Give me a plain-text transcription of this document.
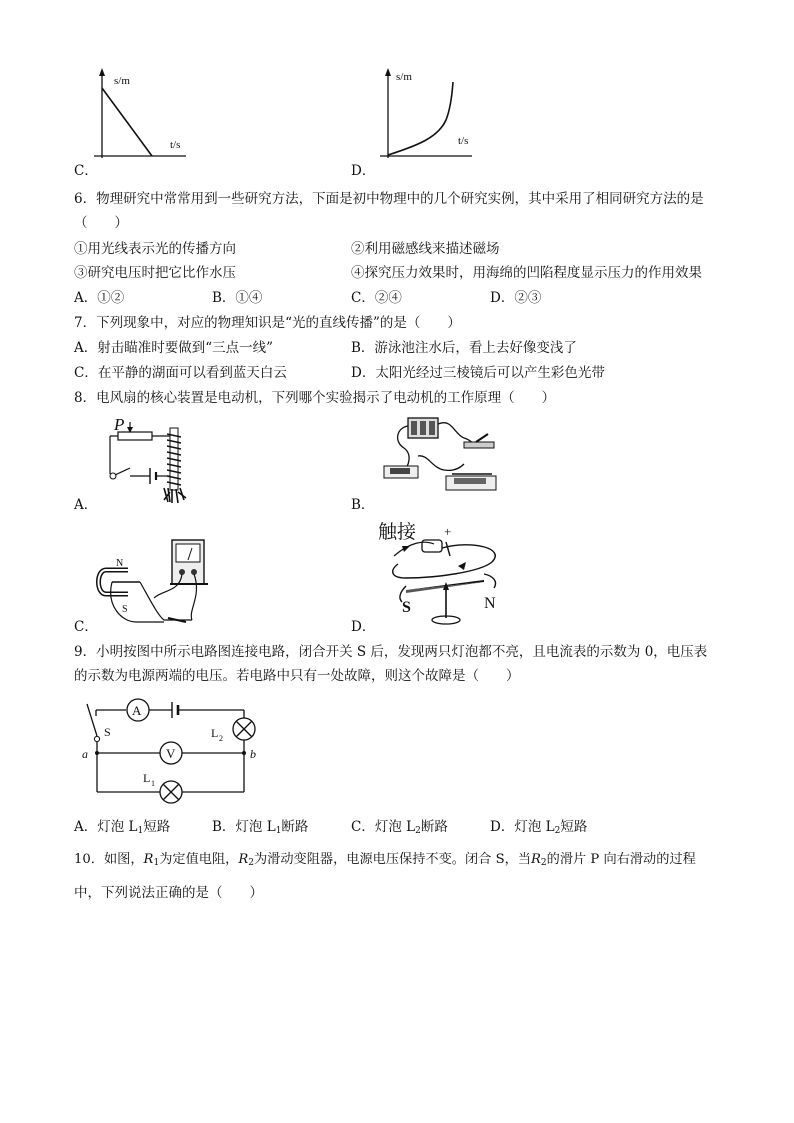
s/m
t/s
C．
s/m
t/s
D．
6．物理研究中常常用到一些研究方法，下面是初中物理中的几个研究实例，其中采用了相同研究方法的是
（　　）
①用光线表示光的传播方向	②利用磁感线来描述磁场
③研究电压时把它比作水压	④探究压力效果时，用海绵的凹陷程度显示压力的作用效果
A．①②	B．①④	C．②④	D．②③
7．下列现象中，对应的物理知识是“光的直线传播”的是（　　）
A．射击瞄准时要做到“三点一线”	B．游泳池注水后，看上去好像变浅了
C．在平静的湖面可以看到蓝天白云	D．太阳光经过三棱镜后可以产生彩色光带
8．电风扇的核心装置是电动机，下列哪个实验揭示了电动机的工作原理（　　）
P
A．	B．
N
S
C．
触接 +
S	N
D．
9．小明按图中所示电路图连接电路，闭合开关 S 后，发现两只灯泡都不亮，且电流表的示数为 0，电压表
的示数为电源两端的电压。若电路中只有一处故障，则这个故障是（　　）
A
S	L 2
V
a	b
L 1
A．灯泡 $L_1$短路	B．灯泡 $L_1$断路	C．灯泡 $L_2$断路	D．灯泡 $L_2$短路
10．如图，$R_1$为定值电阻，$R_2$为滑动变阻器，电源电压保持不变。闭合 S，当$R_2$的滑片 P 向右滑动的过程
中，下列说法正确的是（　　）
